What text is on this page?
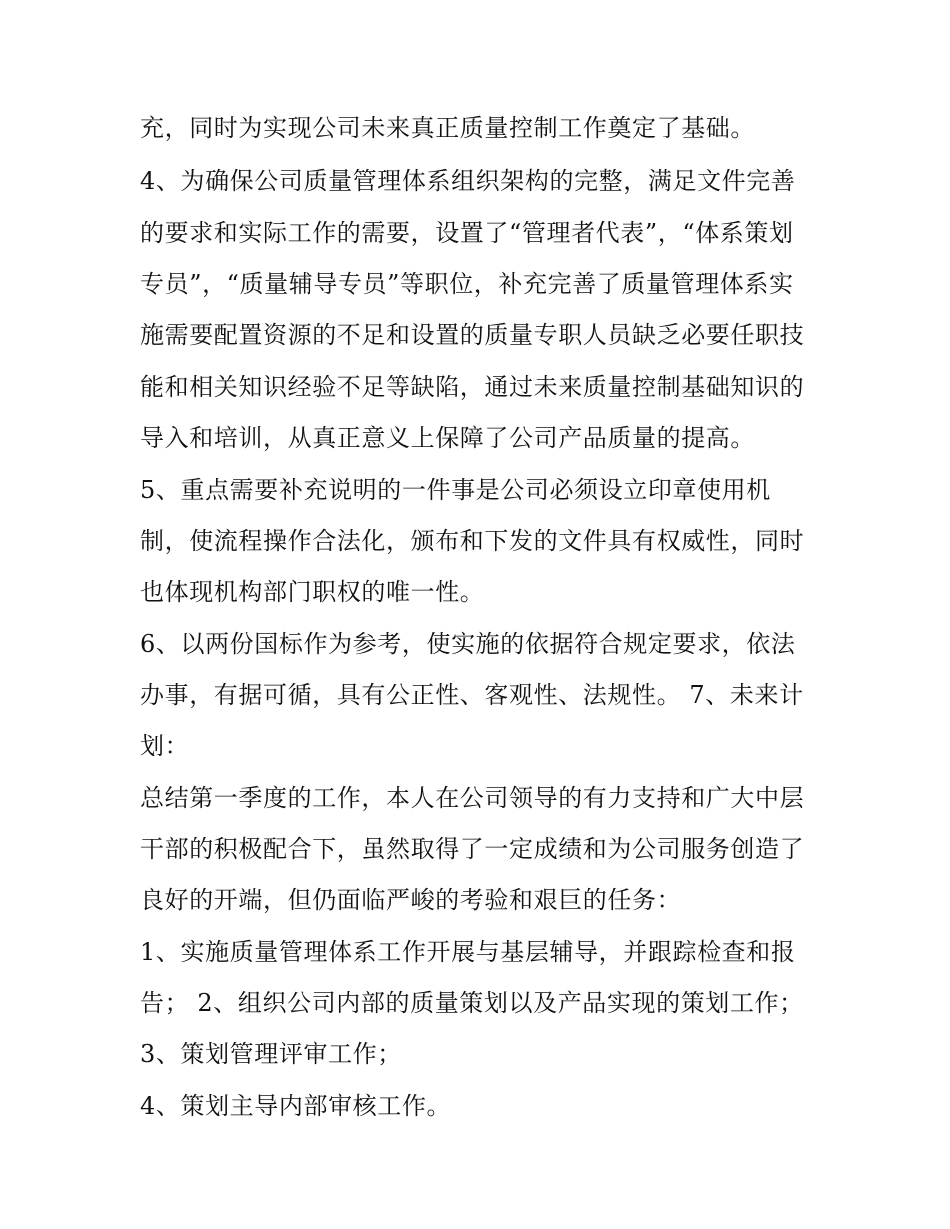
充，同时为实现公司未来真正质量控制工作奠定了基础。
4、为确保公司质量管理体系组织架构的完整，满足文件完善
的要求和实际工作的需要，设置了“管理者代表”，“体系策划
专员”，“质量辅导专员”等职位，补充完善了质量管理体系实
施需要配置资源的不足和设置的质量专职人员缺乏必要任职技
能和相关知识经验不足等缺陷，通过未来质量控制基础知识的
导入和培训，从真正意义上保障了公司产品质量的提高。
5、重点需要补充说明的一件事是公司必须设立印章使用机
制，使流程操作合法化，颁布和下发的文件具有权威性，同时
也体现机构部门职权的唯一性。
6、以两份国标作为参考，使实施的依据符合规定要求，依法
办事，有据可循，具有公正性、客观性、法规性。 7、未来计
划：
总结第一季度的工作，本人在公司领导的有力支持和广大中层
干部的积极配合下，虽然取得了一定成绩和为公司服务创造了
良好的开端，但仍面临严峻的考验和艰巨的任务：
1、实施质量管理体系工作开展与基层辅导，并跟踪检查和报
告； 2、组织公司内部的质量策划以及产品实现的策划工作；
3、策划管理评审工作；
4、策划主导内部审核工作。
